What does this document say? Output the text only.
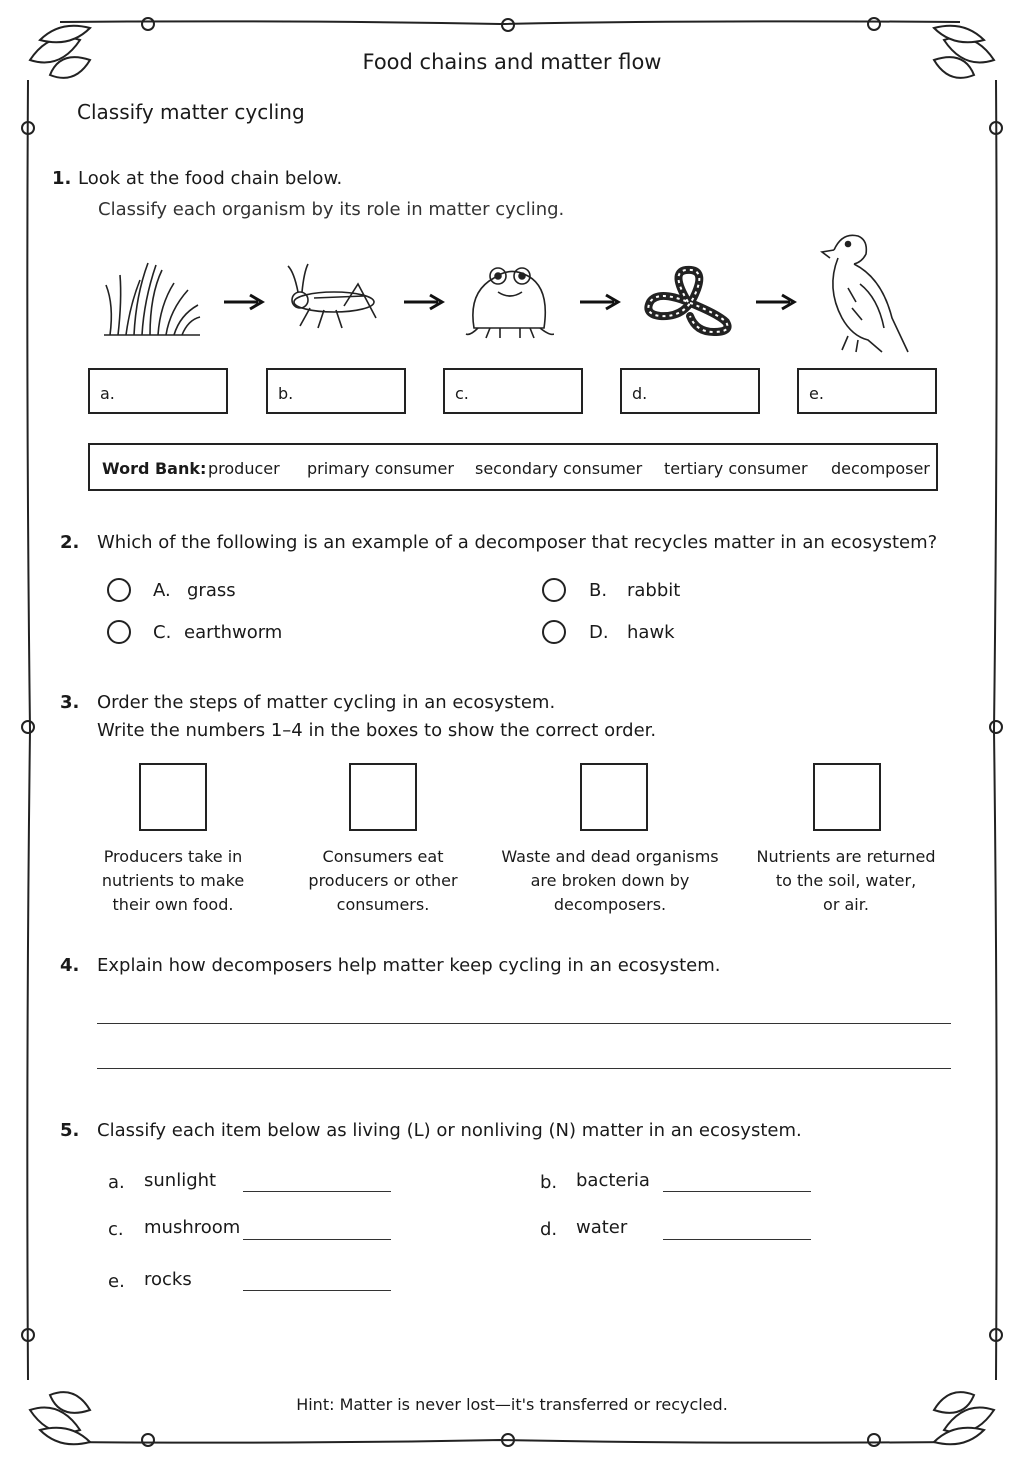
Food chains and matter flow
Classify matter cycling
1. Look at the food chain below.
Classify each organism by its role in matter cycling.
a.	b.	c.	d.	e.
Word Bank: producer primary consumer secondary consumer tertiary consumer decomposer
2. Which of the following is an example of a decomposer that recycles matter in an ecosystem?
A. grass	B. rabbit
C. earthworm	D. hawk
3. Order the steps of matter cycling in an ecosystem.
Write the numbers 1–4 in the boxes to show the correct order.
Producers take in
nutrients to make
their own food.
Consumers eat
producers or other
consumers.
Waste and dead organisms
are broken down by
decomposers.
Nutrients are returned
to the soil, water,
or air.
4. Explain how decomposers help matter keep cycling in an ecosystem.
5. Classify each item below as living (L) or nonliving (N) matter in an ecosystem.
a. sunlight	b. bacteria
c. mushroom	d. water
e. rocks
Hint: Matter is never lost—it's transferred or recycled.
